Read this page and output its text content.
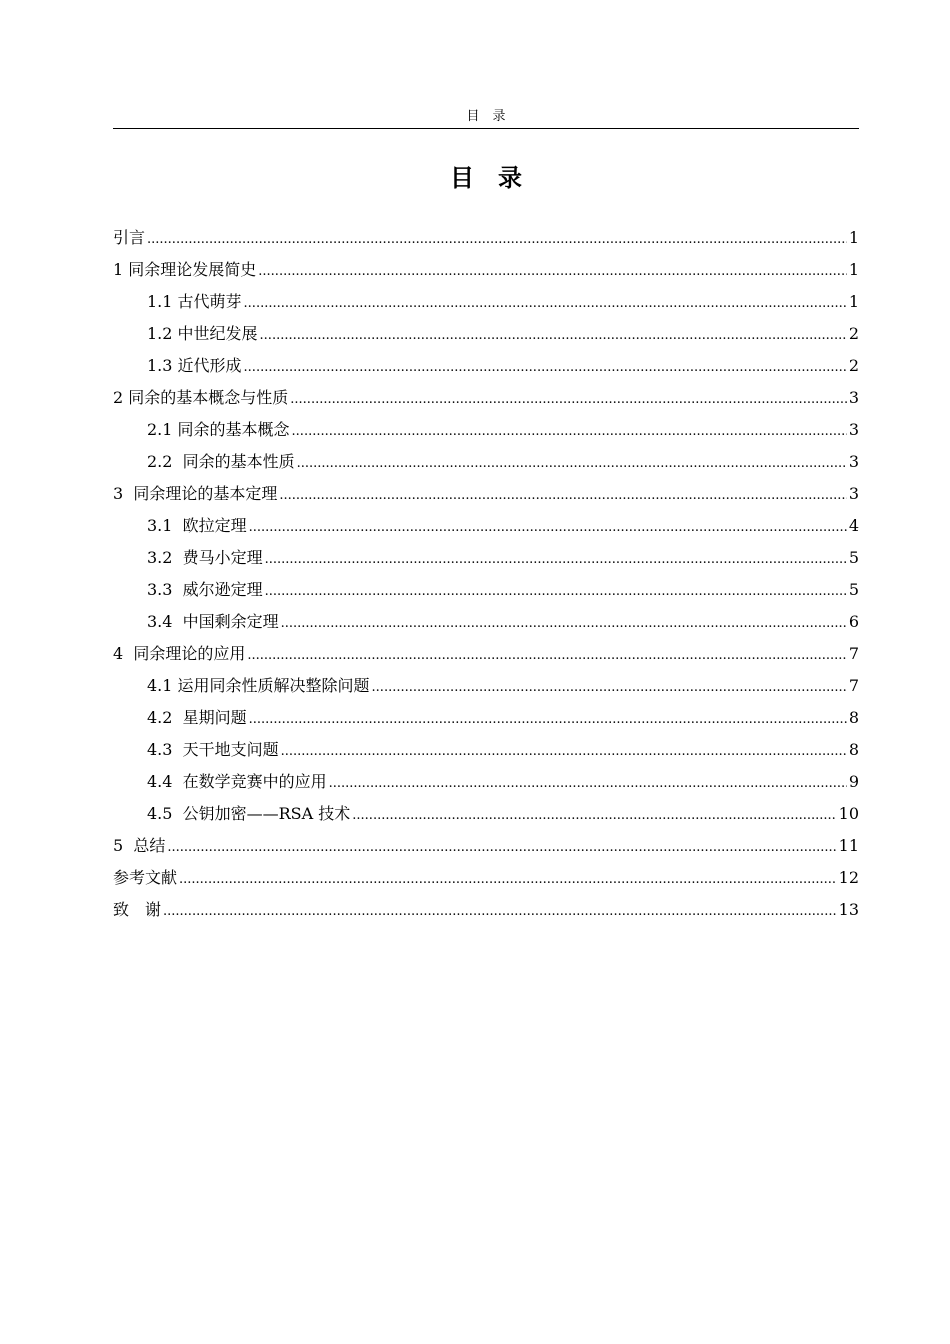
目　录
目　录
引言 .....	1
1 同余理论发展简史 .....	1
1.1 古代萌芽 .....	1
1.2 中世纪发展 .....	2
1.3 近代形成 .....	2
2 同余的基本概念与性质 .....	3
2.1 同余的基本概念 .....	3
2.2  同余的基本性质 .....	3
3  同余理论的基本定理 .....	3
3.1  欧拉定理 .....	4
3.2  费马小定理 .....	5
3.3  威尔逊定理 .....	5
3.4  中国剩余定理 .....	6
4  同余理论的应用 .....	7
4.1 运用同余性质解决整除问题 .....	7
4.2  星期问题 .....	8
4.3  天干地支问题 .....	8
4.4  在数学竞赛中的应用 .....	9
4.5  公钥加密——RSA 技术 .....	10
5  总结 .....	11
参考文献 .....	12
致　谢 .....	13
